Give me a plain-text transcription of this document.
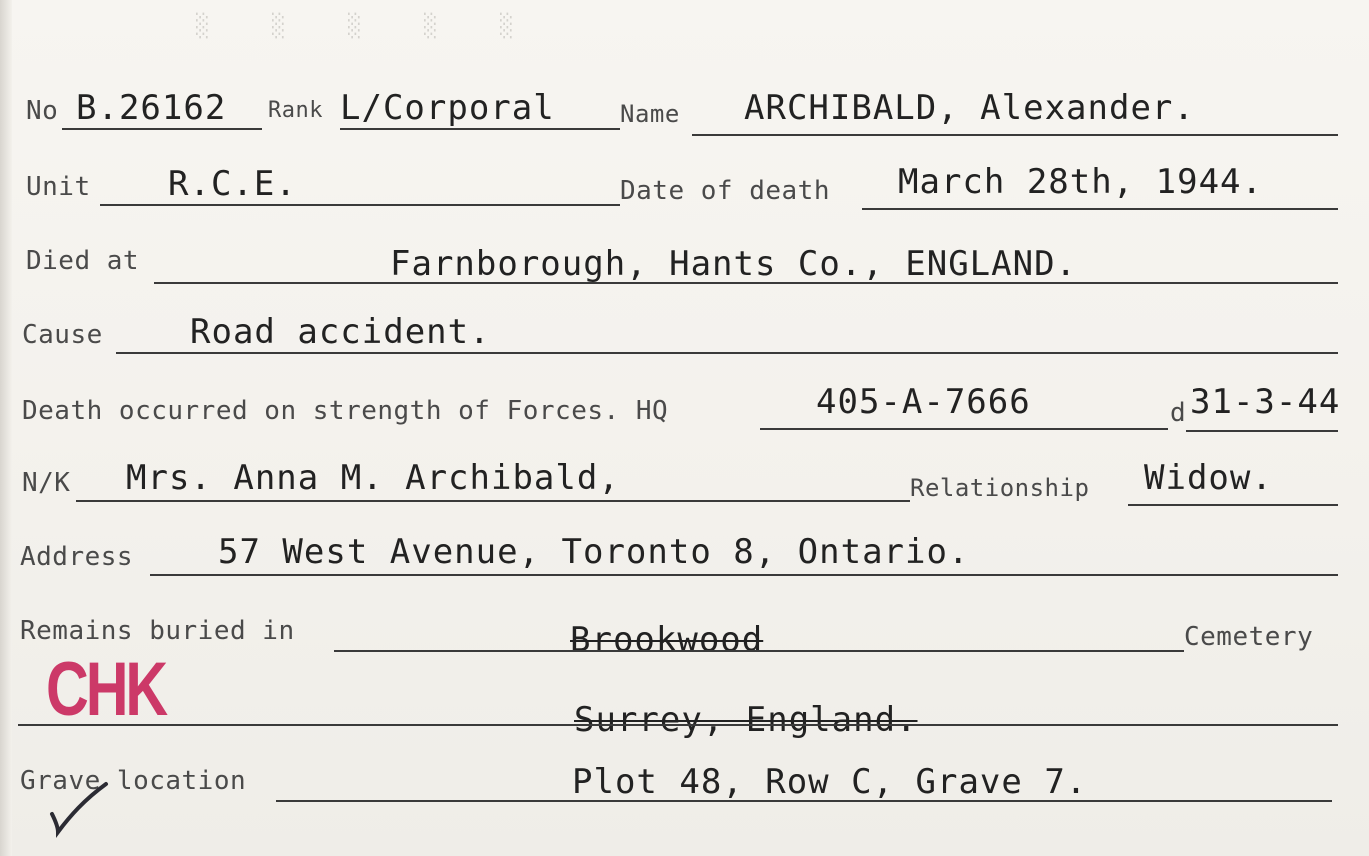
No B.26162 Rank L/Corporal	Name ARCHIBALD, Alexander.
Unit R.C.E.	Date of death March 28th, 1944.
Died at	Farnborough, Hants Co., ENGLAND.
Cause	Road accident.
Death occurred on strength of Forces. HQ	405-A-7666	d 31-3-44
N/K Mrs. Anna M. Archibald,	Relationship Widow.
Address 57 West Avenue, Toronto 8, Ontario.
Remains buried in	Brookwood	Cemetery
CHK	Surrey, England.
Grave location	Plot 48, Row C, Grave 7.
░	░	░	░	░
